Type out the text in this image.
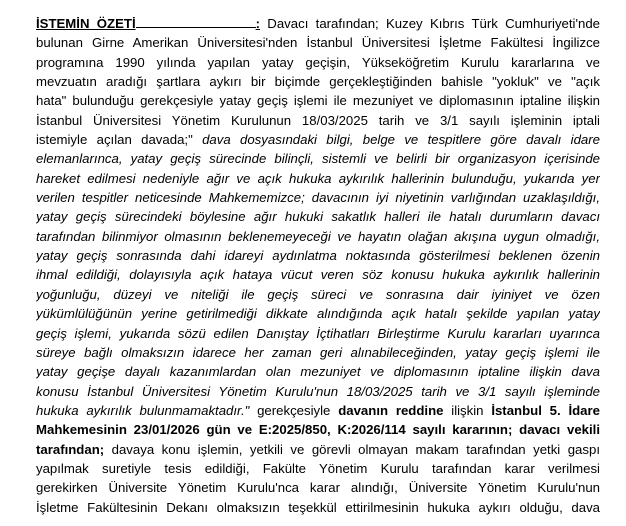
İSTEMİN ÖZETİ	: Davacı tarafından; Kuzey Kıbrıs Türk Cumhuriyeti'nde
bulunan Girne Amerikan Üniversitesi'nden İstanbul Üniversitesi İşletme Fakültesi İngilizce
programına 1990 yılında yapılan yatay geçişin, Yükseköğretim Kurulu kararlarına ve
mevzuatın aradığı şartlara aykırı bir biçimde gerçekleştiğinden bahisle "yokluk" ve "açık
hata" bulunduğu gerekçesiyle yatay geçiş işlemi ile mezuniyet ve diplomasının iptaline ilişkin
İstanbul Üniversitesi Yönetim Kurulunun 18/03/2025 tarih ve 3/1 sayılı işleminin iptali
istemiyle açılan davada;" dava dosyasındaki bilgi, belge ve tespitlere göre davalı idare
elemanlarınca, yatay geçiş sürecinde bilinçli, sistemli ve belirli bir organizasyon içerisinde
hareket edilmesi nedeniyle ağır ve açık hukuka aykırılık hallerinin bulunduğu, yukarıda yer
verilen tespitler neticesinde Mahkememizce; davacının iyi niyetinin varlığından uzaklaşıldığı,
yatay geçiş sürecindeki böylesine ağır hukuki sakatlık halleri ile hatalı durumların davacı
tarafından bilinmiyor olmasının beklenemeyeceği ve hayatın olağan akışına uygun olmadığı,
yatay geçiş sonrasında dahi idareyi aydınlatma noktasında gösterilmesi beklenen özenin
ihmal edildiği, dolayısıyla açık hataya vücut veren söz konusu hukuka aykırılık hallerinin
yoğunluğu, düzeyi ve niteliği ile geçiş süreci ve sonrasına dair iyiniyet ve özen
yükümlülüğünün yerine getirilmediği dikkate alındığında açık hatalı şekilde yapılan yatay
geçiş işlemi, yukarıda sözü edilen Danıştay İçtihatları Birleştirme Kurulu kararları uyarınca
süreye bağlı olmaksızın idarece her zaman geri alınabileceğinden, yatay geçiş işlemi ile
yatay geçişe dayalı kazanımlardan olan mezuniyet ve diplomasının iptaline ilişkin dava
konusu İstanbul Üniversitesi Yönetim Kurulu'nun 18/03/2025 tarih ve 3/1 sayılı işleminde
hukuka aykırılık bulunmamaktadır." gerekçesiyle davanın reddine ilişkin İstanbul 5. İdare
Mahkemesinin 23/01/2026 gün ve E:2025/850, K:2026/114 sayılı kararının; davacı vekili
tarafından; davaya konu işlemin, yetkili ve görevli olmayan makam tarafından yetki gaspı
yapılmak suretiyle tesis edildiği, Fakülte Yönetim Kurulu tarafından karar verilmesi
gerekirken Üniversite Yönetim Kurulu'nca karar alındığı, Üniversite Yönetim Kurulu'nun
İşletme Fakültesinin Dekanı olmaksızın teşekkül ettirilmesinin hukuka aykırı olduğu, dava
